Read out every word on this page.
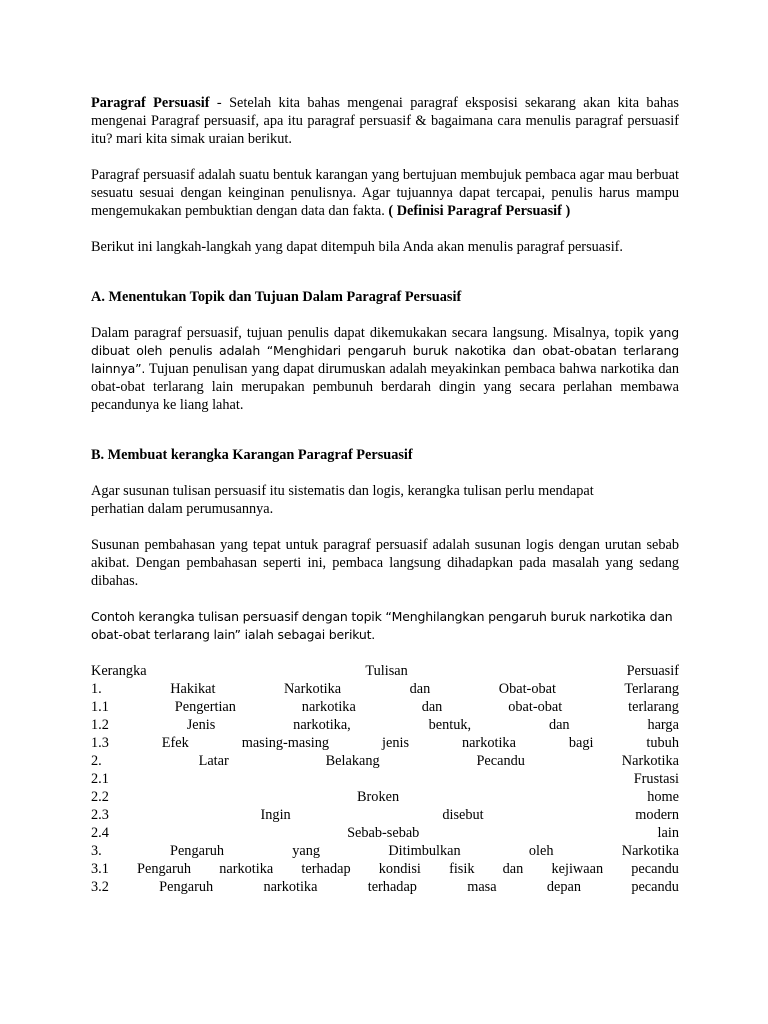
Paragraf Persuasif - Setelah kita bahas mengenai paragraf eksposisi sekarang akan kita bahas mengenai Paragraf persuasif, apa itu paragraf persuasif & bagaimana cara menulis paragraf persuasif itu? mari kita simak uraian berikut.

Paragraf persuasif adalah suatu bentuk karangan yang bertujuan membujuk pembaca agar mau berbuat sesuatu sesuai dengan keinginan penulisnya. Agar tujuannya dapat tercapai, penulis harus mampu mengemukakan pembuktian dengan data dan fakta. ( Definisi Paragraf Persuasif )

Berikut ini langkah-langkah yang dapat ditempuh bila Anda akan menulis paragraf persuasif.

A. Menentukan Topik dan Tujuan Dalam Paragraf Persuasif

Dalam paragraf persuasif, tujuan penulis dapat dikemukakan secara langsung. Misalnya, topik yang dibuat oleh penulis adalah “Menghidari pengaruh buruk nakotika dan obat-obatan terlarang lainnya”. Tujuan penulisan yang dapat dirumuskan adalah meyakinkan pembaca bahwa narkotika dan obat-obat terlarang lain merupakan pembunuh berdarah dingin yang secara perlahan membawa pecandunya ke liang lahat.

B. Membuat kerangka Karangan Paragraf Persuasif

Agar susunan tulisan persuasif itu sistematis dan logis, kerangka tulisan perlu mendapat
perhatian dalam perumusannya.

Susunan pembahasan yang tepat untuk paragraf persuasif adalah susunan logis dengan urutan sebab akibat. Dengan pembahasan seperti ini, pembaca langsung dihadapkan pada masalah yang sedang dibahas.

Contoh kerangka tulisan persuasif dengan topik “Menghilangkan pengaruh buruk narkotika dan obat-obat terlarang lain” ialah sebagai berikut.

Kerangka	Tulisan	Persuasif
1.	Hakikat	Narkotika	dan	Obat-obat	Terlarang
1.1	Pengertian	narkotika	dan	obat-obat	terlarang
1.2	Jenis	narkotika,	bentuk,	dan	harga
1.3	Efek	masing-masing	jenis	narkotika	bagi	tubuh
2.	Latar	Belakang	Pecandu	Narkotika
2.1	Frustasi
2.2	Broken	home
2.3	Ingin	disebut	modern
2.4	Sebab-sebab	lain
3.	Pengaruh	yang	Ditimbulkan	oleh	Narkotika
3.1 Pengaruh narkotika terhadap kondisi fisik dan kejiwaan pecandu
3.2	Pengaruh	narkotika	terhadap	masa	depan	pecandu
